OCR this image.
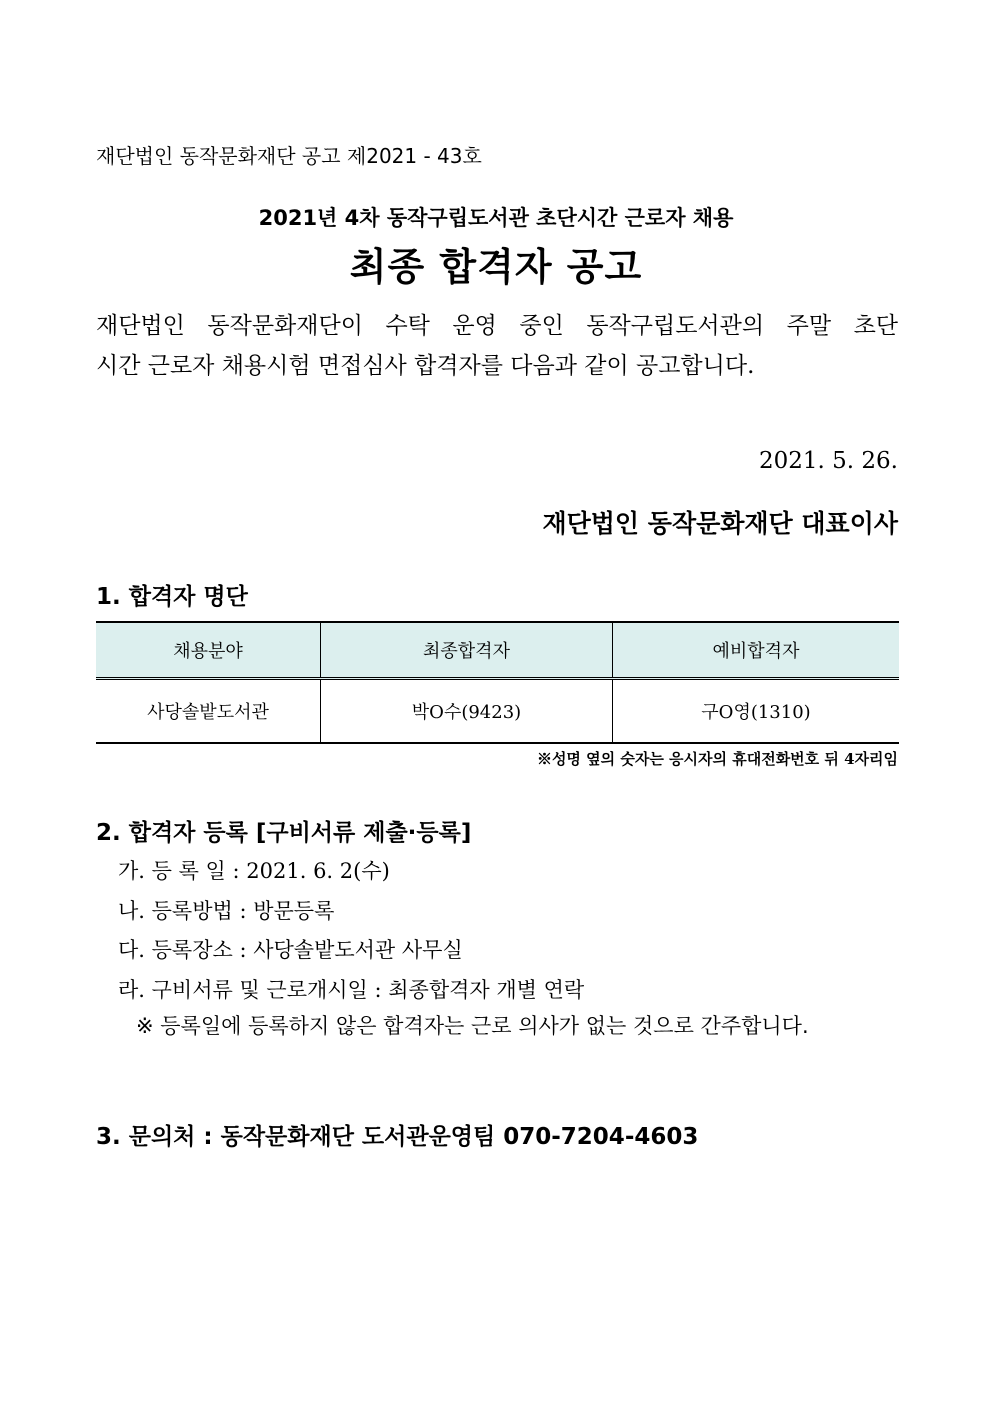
재단법인 동작문화재단 공고 제2021 - 43호
2021년 4차 동작구립도서관 초단시간 근로자 채용
최종 합격자 공고
재단법인 동작문화재단이 수탁 운영 중인 동작구립도서관의 주말 초단
시간 근로자 채용시험 면접심사 합격자를 다음과 같이 공고합니다.
2021. 5. 26.
재단법인 동작문화재단 대표이사
1. 합격자 명단
채용분야	최종합격자	예비합격자
사당솔밭도서관	박O수(9423)	구O영(1310)
※성명 옆의 숫자는 응시자의 휴대전화번호 뒤 4자리임
2. 합격자 등록 [구비서류 제출·등록]
가. 등 록 일 : 2021. 6. 2(수)
나. 등록방법 : 방문등록
다. 등록장소 : 사당솔밭도서관 사무실
라. 구비서류 및 근로개시일 : 최종합격자 개별 연락
※ 등록일에 등록하지 않은 합격자는 근로 의사가 없는 것으로 간주합니다.
3. 문의처 : 동작문화재단 도서관운영팀 070-7204-4603
